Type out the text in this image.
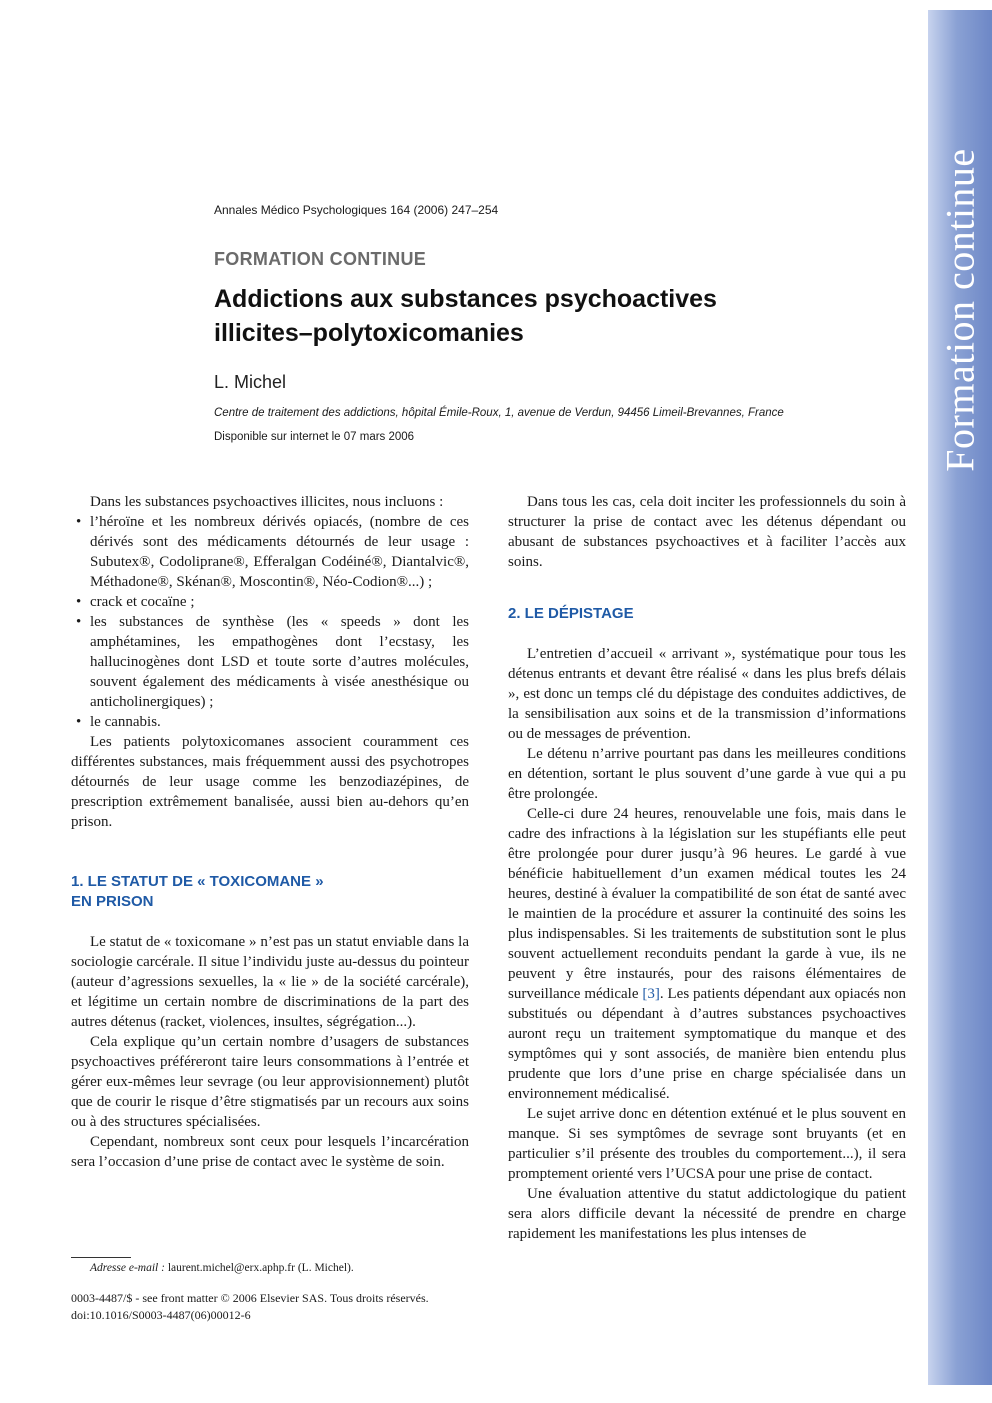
Formation continue

Annales Médico Psychologiques 164 (2006) 247–254

FORMATION CONTINUE

Addictions aux substances psychoactives
illicites–polytoxicomanies

L. Michel

Centre de traitement des addictions, hôpital Émile-Roux, 1, avenue de Verdun, 94456 Limeil-Brevannes, France

Disponible sur internet le 07 mars 2006

Dans les substances psychoactives illicites, nous incluons :

• l’héroïne et les nombreux dérivés opiacés, (nombre de ces dérivés sont des médicaments détournés de leur usage : Subutex®, Codoliprane®, Efferalgan Codéiné®, Diantalvic®, Méthadone®, Skénan®, Moscontin®, Néo-Codion®...) ;
• crack et cocaïne ;
• les substances de synthèse (les « speeds » dont les amphétamines, les empathogènes dont l’ecstasy, les hallucinogènes dont LSD et toute sorte d’autres molécules, souvent également des médicaments à visée anesthésique ou anticholinergiques) ;
• le cannabis.

Les patients polytoxicomanes associent couramment ces différentes substances, mais fréquemment aussi des psychotropes détournés de leur usage comme les benzodiazépines, de prescription extrêmement banalisée, aussi bien au-dehors qu’en prison.

1. LE STATUT DE « TOXICOMANE »
EN PRISON

Le statut de « toxicomane » n’est pas un statut enviable dans la sociologie carcérale. Il situe l’individu juste au-dessus du pointeur (auteur d’agressions sexuelles, la « lie » de la société carcérale), et légitime un certain nombre de discriminations de la part des autres détenus (racket, violences, insultes, ségrégation...).

Cela explique qu’un certain nombre d’usagers de substances psychoactives préféreront taire leurs consommations à l’entrée et gérer eux-mêmes leur sevrage (ou leur approvisionnement) plutôt que de courir le risque d’être stigmatisés par un recours aux soins ou à des structures spécialisées.

Cependant, nombreux sont ceux pour lesquels l’incarcération sera l’occasion d’une prise de contact avec le système de soin.

Dans tous les cas, cela doit inciter les professionnels du soin à structurer la prise de contact avec les détenus dépendant ou abusant de substances psychoactives et à faciliter l’accès aux soins.

2. LE DÉPISTAGE

L’entretien d’accueil « arrivant », systématique pour tous les détenus entrants et devant être réalisé « dans les plus brefs délais », est donc un temps clé du dépistage des conduites addictives, de la sensibilisation aux soins et de la transmission d’informations ou de messages de prévention.

Le détenu n’arrive pourtant pas dans les meilleures conditions en détention, sortant le plus souvent d’une garde à vue qui a pu être prolongée.

Celle-ci dure 24 heures, renouvelable une fois, mais dans le cadre des infractions à la législation sur les stupéfiants elle peut être prolongée pour durer jusqu’à 96 heures. Le gardé à vue bénéficie habituellement d’un examen médical toutes les 24 heures, destiné à évaluer la compatibilité de son état de santé avec le maintien de la procédure et assurer la continuité des soins les plus indispensables. Si les traitements de substitution sont le plus souvent actuellement reconduits pendant la garde à vue, ils ne peuvent y être instaurés, pour des raisons élémentaires de surveillance médicale [3]. Les patients dépendant aux opiacés non substitués ou dépendant à d’autres substances psychoactives auront reçu un traitement symptomatique du manque et des symptômes qui y sont associés, de manière bien entendu plus prudente que lors d’une prise en charge spécialisée dans un environnement médicalisé.

Le sujet arrive donc en détention exténué et le plus souvent en manque. Si ses symptômes de sevrage sont bruyants (et en particulier s’il présente des troubles du comportement...), il sera promptement orienté vers l’UCSA pour une prise de contact.

Une évaluation attentive du statut addictologique du patient sera alors difficile devant la nécessité de prendre en charge rapidement les manifestations les plus intenses de

Adresse e-mail : laurent.michel@erx.aphp.fr (L. Michel).
0003-4487/$ - see front matter © 2006 Elsevier SAS. Tous droits réservés.
doi:10.1016/S0003-4487(06)00012-6
